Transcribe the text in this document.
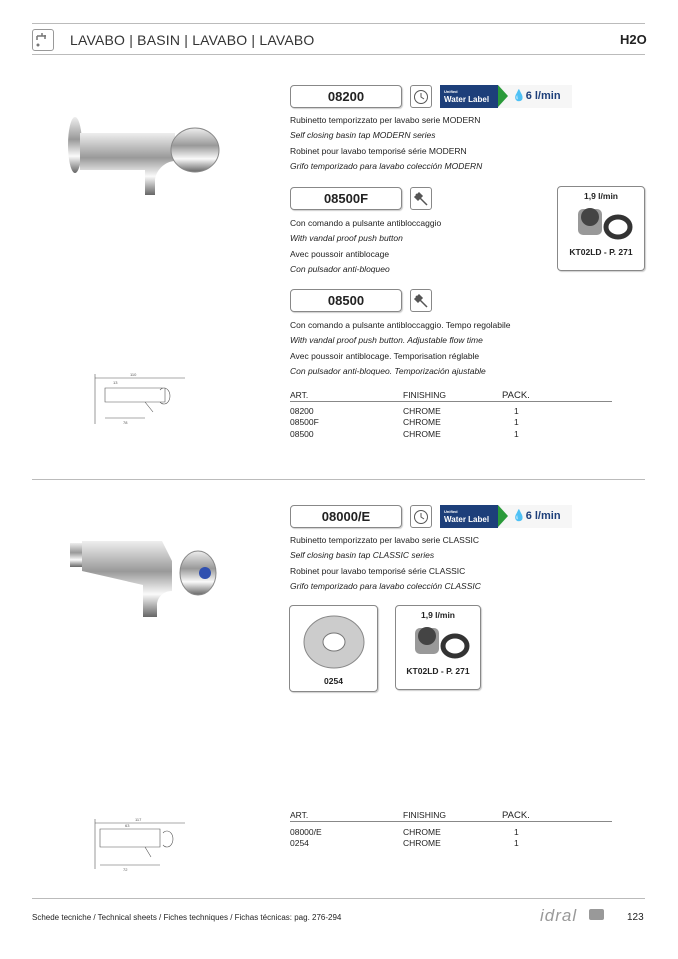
LAVABO | BASIN | LAVABO | LAVABO	H2O
110
13
78
08200	Unified
Water Label	💧6 l/min
Rubinetto temporizzato per lavabo serie MODERN
Self closing basin tap MODERN series
Robinet pour lavabo temporisé série MODERN
Grifo temporizado para lavabo colección MODERN
08500F
Con comando a pulsante antibloccaggio
With vandal proof push button
Avec poussoir antiblocage
Con pulsador anti-bloqueo
1,9 l/min
KT02LD - P. 271
08500
Con comando a pulsante antibloccaggio. Tempo regolabile
With vandal proof push button. Adjustable flow time
Avec poussoir antiblocage. Temporisation réglable
Con pulsador anti-bloqueo. Temporización ajustable
ART.	FINISHING	PACK.
08200	CHROME	1
08500F	CHROME	1
08500	CHROME	1
117
63
72
08000/E	Unified
Water Label	💧6 l/min
Rubinetto temporizzato per lavabo serie CLASSIC
Self closing basin tap CLASSIC series
Robinet pour lavabo temporisé série CLASSIC
Grifo temporizado para lavabo colección CLASSIC
0254
1,9 l/min
KT02LD - P. 271
ART.	FINISHING	PACK.
08000/E	CHROME	1
0254	CHROME	1
Schede tecniche / Technical sheets / Fiches techniques / Fichas técnicas: pag. 276-294	idral	123
